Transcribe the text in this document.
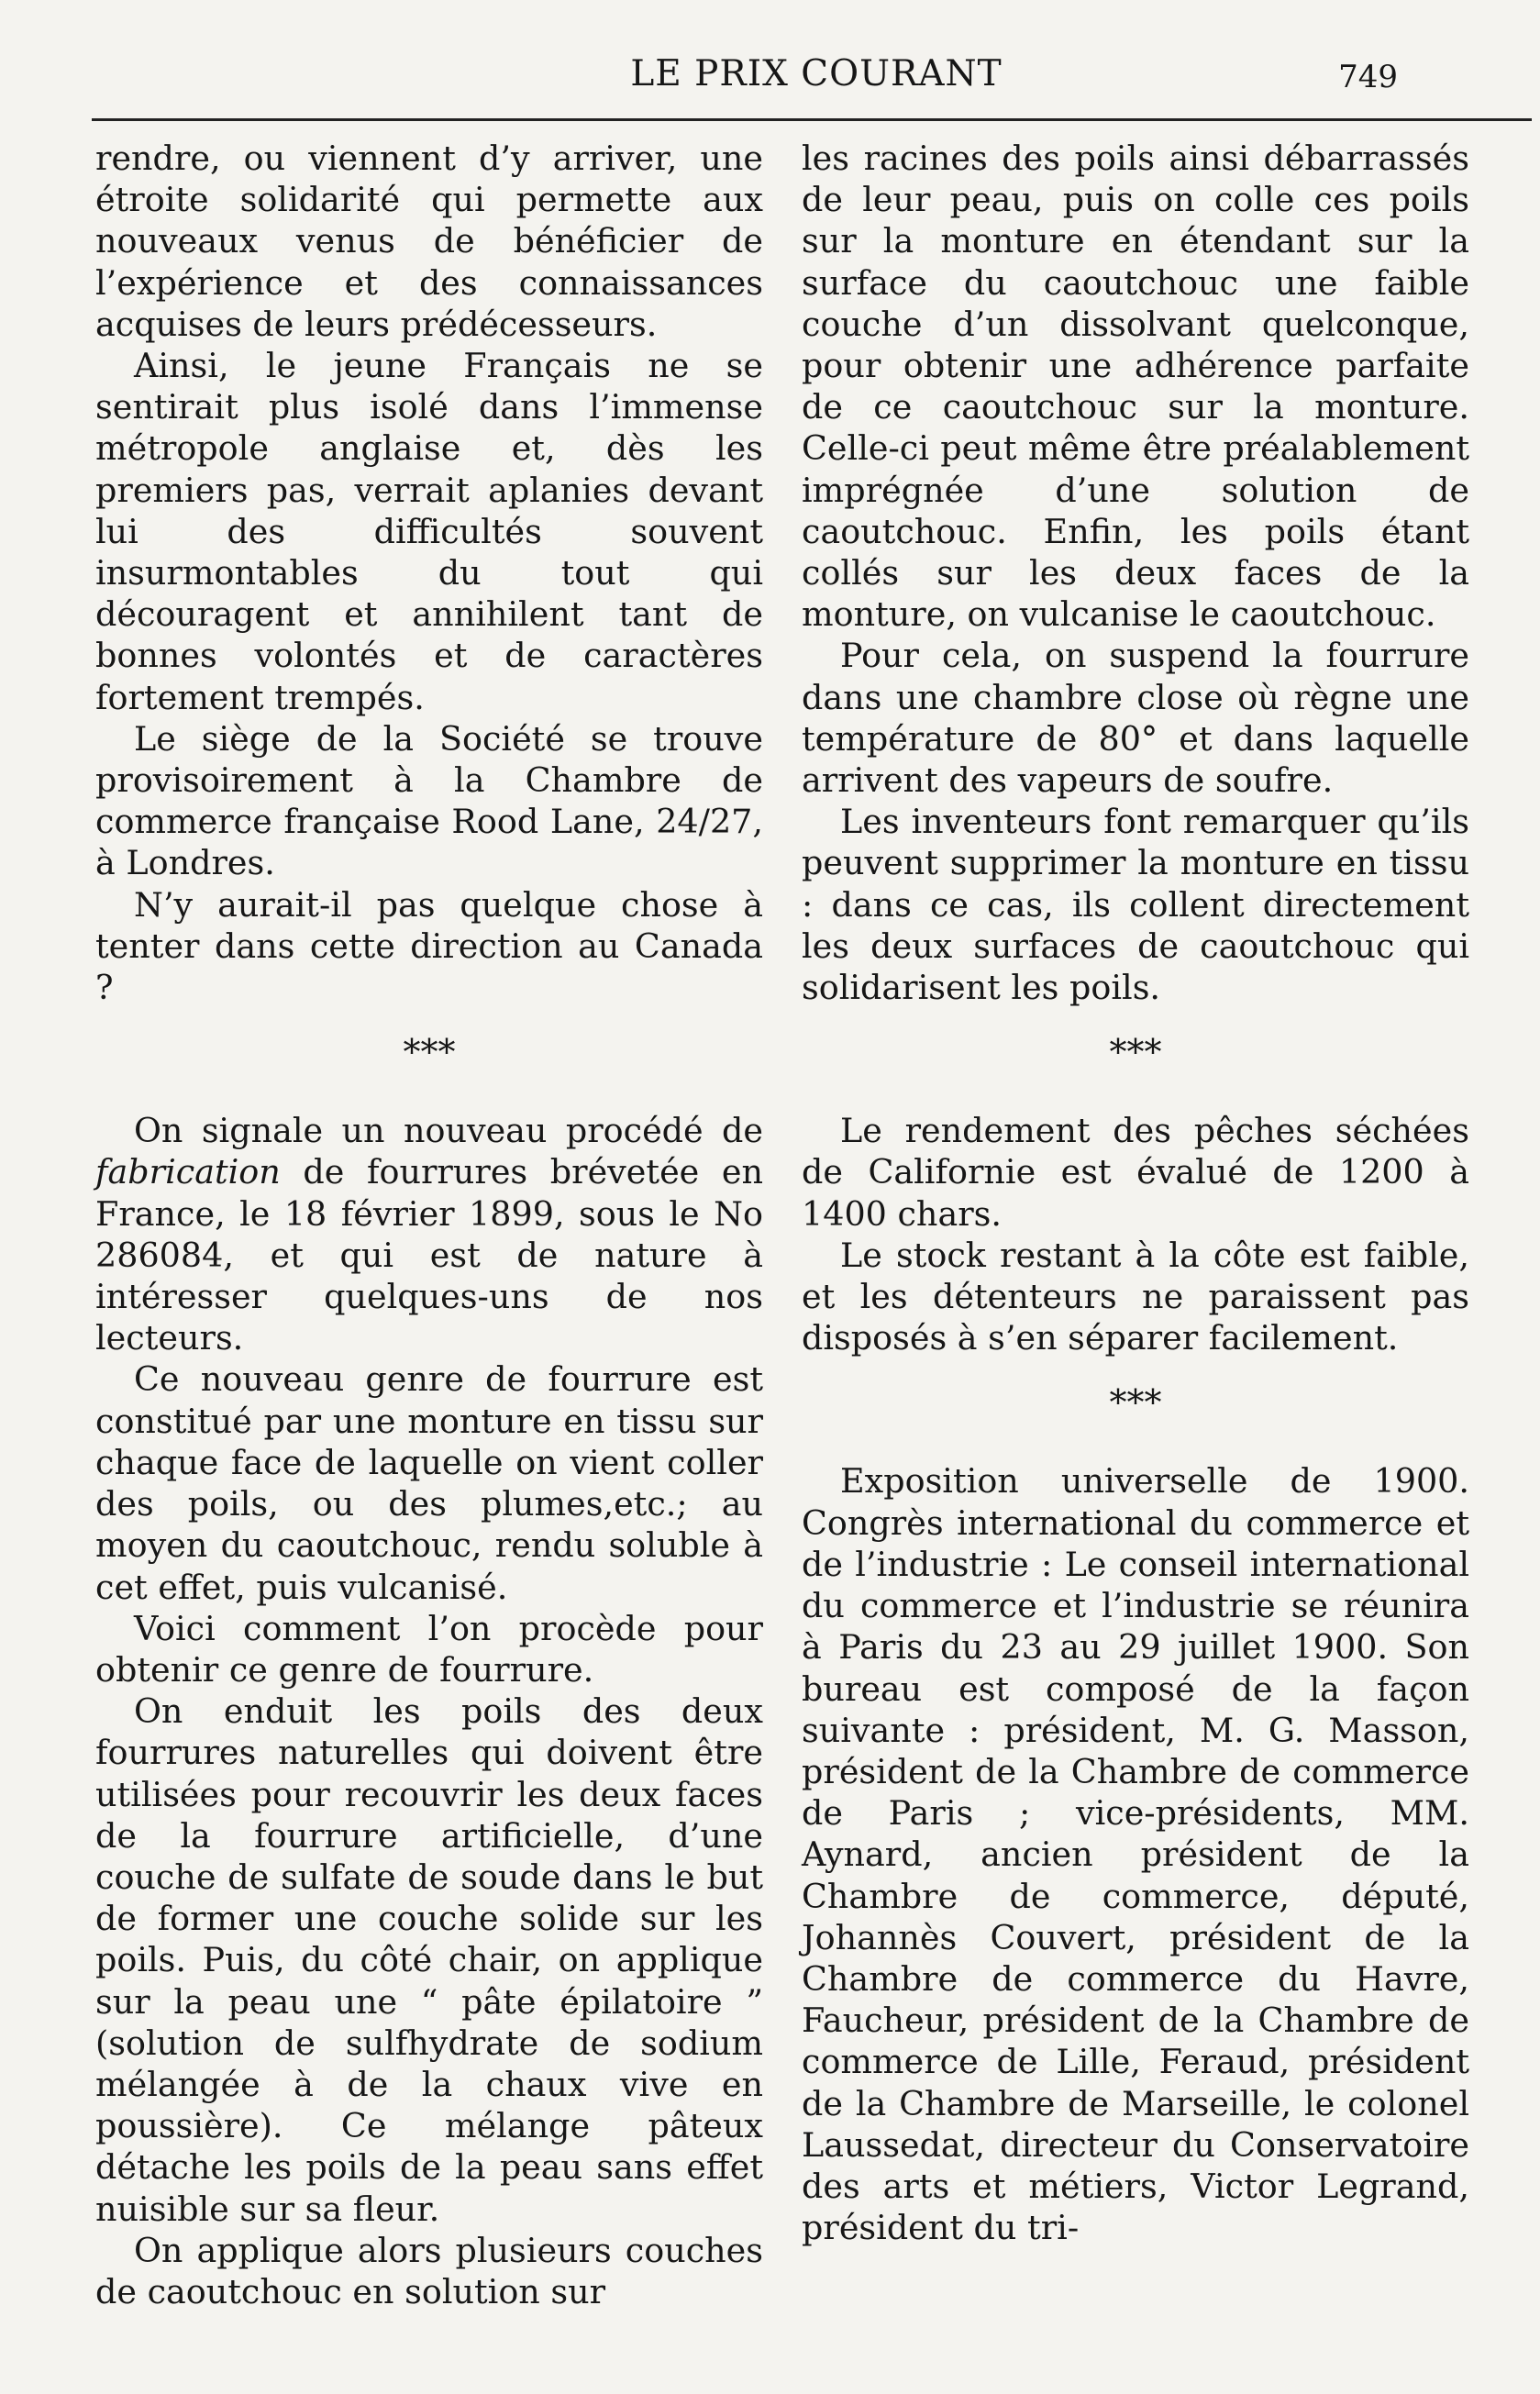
LE PRIX COURANT	749

rendre, ou viennent d’y arriver, une étroite solidarité qui permette aux nouveaux venus de bénéficier de l’expérience et des connaissances acquises de leurs prédécesseurs.

Ainsi, le jeune Français ne se sentirait plus isolé dans l’immense métropole anglaise et, dès les premiers pas, verrait aplanies devant lui des difficultés souvent insurmontables du tout qui découragent et annihilent tant de bonnes volontés et de caractères fortement trempés.

Le siège de la Société se trouve provisoirement à la Chambre de commerce française Rood Lane, 24/27, à Londres.

N’y aurait-il pas quelque chose à tenter dans cette direction au Canada ?

***

On signale un nouveau procédé de fabrication de fourrures brévetée en France, le 18 février 1899, sous le No 286084, et qui est de nature à intéresser quelques-uns de nos lecteurs.

Ce nouveau genre de fourrure est constitué par une monture en tissu sur chaque face de laquelle on vient coller des poils, ou des plumes,etc.; au moyen du caoutchouc, rendu soluble à cet effet, puis vulcanisé.

Voici comment l’on procède pour obtenir ce genre de fourrure.

On enduit les poils des deux fourrures naturelles qui doivent être utilisées pour recouvrir les deux faces de la fourrure artificielle, d’une couche de sulfate de soude dans le but de former une couche solide sur les poils. Puis, du côté chair, on applique sur la peau une “ pâte épilatoire ” (solution de sulfhydrate de sodium mélangée à de la chaux vive en poussière). Ce mélange pâteux détache les poils de la peau sans effet nuisible sur sa fleur.

On applique alors plusieurs couches de caoutchouc en solution sur

les racines des poils ainsi débarrassés de leur peau, puis on colle ces poils sur la monture en étendant sur la surface du caoutchouc une faible couche d’un dissolvant quelconque, pour obtenir une adhérence parfaite de ce caoutchouc sur la monture. Celle-ci peut même être préalablement imprégnée d’une solution de caoutchouc. Enfin, les poils étant collés sur les deux faces de la monture, on vulcanise le caoutchouc.

Pour cela, on suspend la fourrure dans une chambre close où règne une température de 80° et dans laquelle arrivent des vapeurs de soufre.

Les inventeurs font remarquer qu’ils peuvent supprimer la monture en tissu : dans ce cas, ils collent directement les deux surfaces de caoutchouc qui solidarisent les poils.

***

Le rendement des pêches séchées de Californie est évalué de 1200 à 1400 chars.

Le stock restant à la côte est faible, et les détenteurs ne paraissent pas disposés à s’en séparer facilement.

***

Exposition universelle de 1900. Congrès international du commerce et de l’industrie : Le conseil international du commerce et l’industrie se réunira à Paris du 23 au 29 juillet 1900. Son bureau est composé de la façon suivante : président, M. G. Masson, président de la Chambre de commerce de Paris ; vice-présidents, MM. Aynard, ancien président de la Chambre de commerce, député, Johannès Couvert, président de la Chambre de commerce du Havre, Faucheur, président de la Chambre de commerce de Lille, Feraud, président de la Chambre de Marseille, le colonel Laussedat, directeur du Conservatoire des arts et métiers, Victor Legrand, président du tri-
